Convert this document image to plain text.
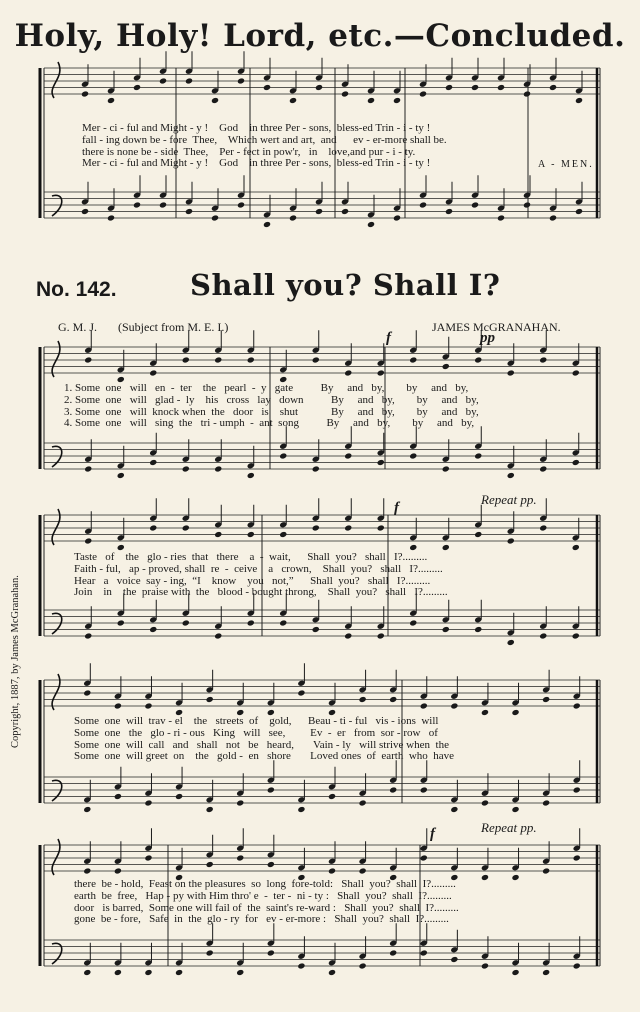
Holy, Holy! Lord, etc.—Concluded.
No. 142.	Shall you? Shall I?
G. M. J. (Subject from M. E. I.)	JAMES McGRANAHAN.
Copyright, 1887, by James McGranahan.
f	pp
f
Repeat pp.
f	Repeat pp.
Mer - ci - ful and Might - y !    God    in three Per - sons,  bless-ed Trin - i - ty !
fall - ing down be - fore  Thee,    Which wert and art,  and      ev - er-more shall be.
there is none be - side  Thee,    Per - fect in pow'r,   in    love,and pur - i - ty.
Mer - ci - ful and Might - y !    God    in three Per - sons,  bless-ed Trin - i - ty !	A - MEN.
1. Some  one   will   en  -  ter    the   pearl  -  y   gate          By     and   by,        by     and   by,
2. Some  one   will   glad -  ly    his   cross   lay   down          By     and   by,        by     and   by,
3. Some  one   will  knock when  the   door   is    shut            By     and   by,        by     and   by,
4. Some  one   will   sing  the   tri - umph  -  ant  song          By     and   by,        by     and   by,
Taste   of    the   glo - ries  that   there    a  -  wait,      Shall  you?   shall   I?.........
Faith - ful,   ap - proved, shall  re  -  ceive    a   crown,    Shall  you?   shall   I?.........
Hear   a   voice  say - ing,  “I    know    you   not,”      Shall  you?   shall   I?.........
Join    in    the  praise with  the   blood - bought throng,    Shall  you?   shall   I?.........
Some  one  will  trav - el    the   streets  of    gold,      Beau - ti - ful   vis - ions  will
Some  one   the   glo - ri - ous   King   will   see,         Ev  -  er   from  sor - row   of
Some  one  will  call   and   shall   not   be   heard,       Vain - ly   will strive when  the
Some  one  will greet  on    the   gold -  en   shore       Loved ones  of  earth  who  have
there  be - hold,  Feast on the pleasures  so  long  fore-told:   Shall  you?  shall  I?.........
earth  be  free,   Hap - py with Him thro' e  -  ter -  ni - ty :   Shall  you?  shall  I?.........
door   is barred,  Some one will fail of  the  saint's re-ward :   Shall  you?  shall  I?.........
gone  be - fore,   Safe  in  the  glo - ry  for   ev - er-more :   Shall  you?  shall  I?.........
